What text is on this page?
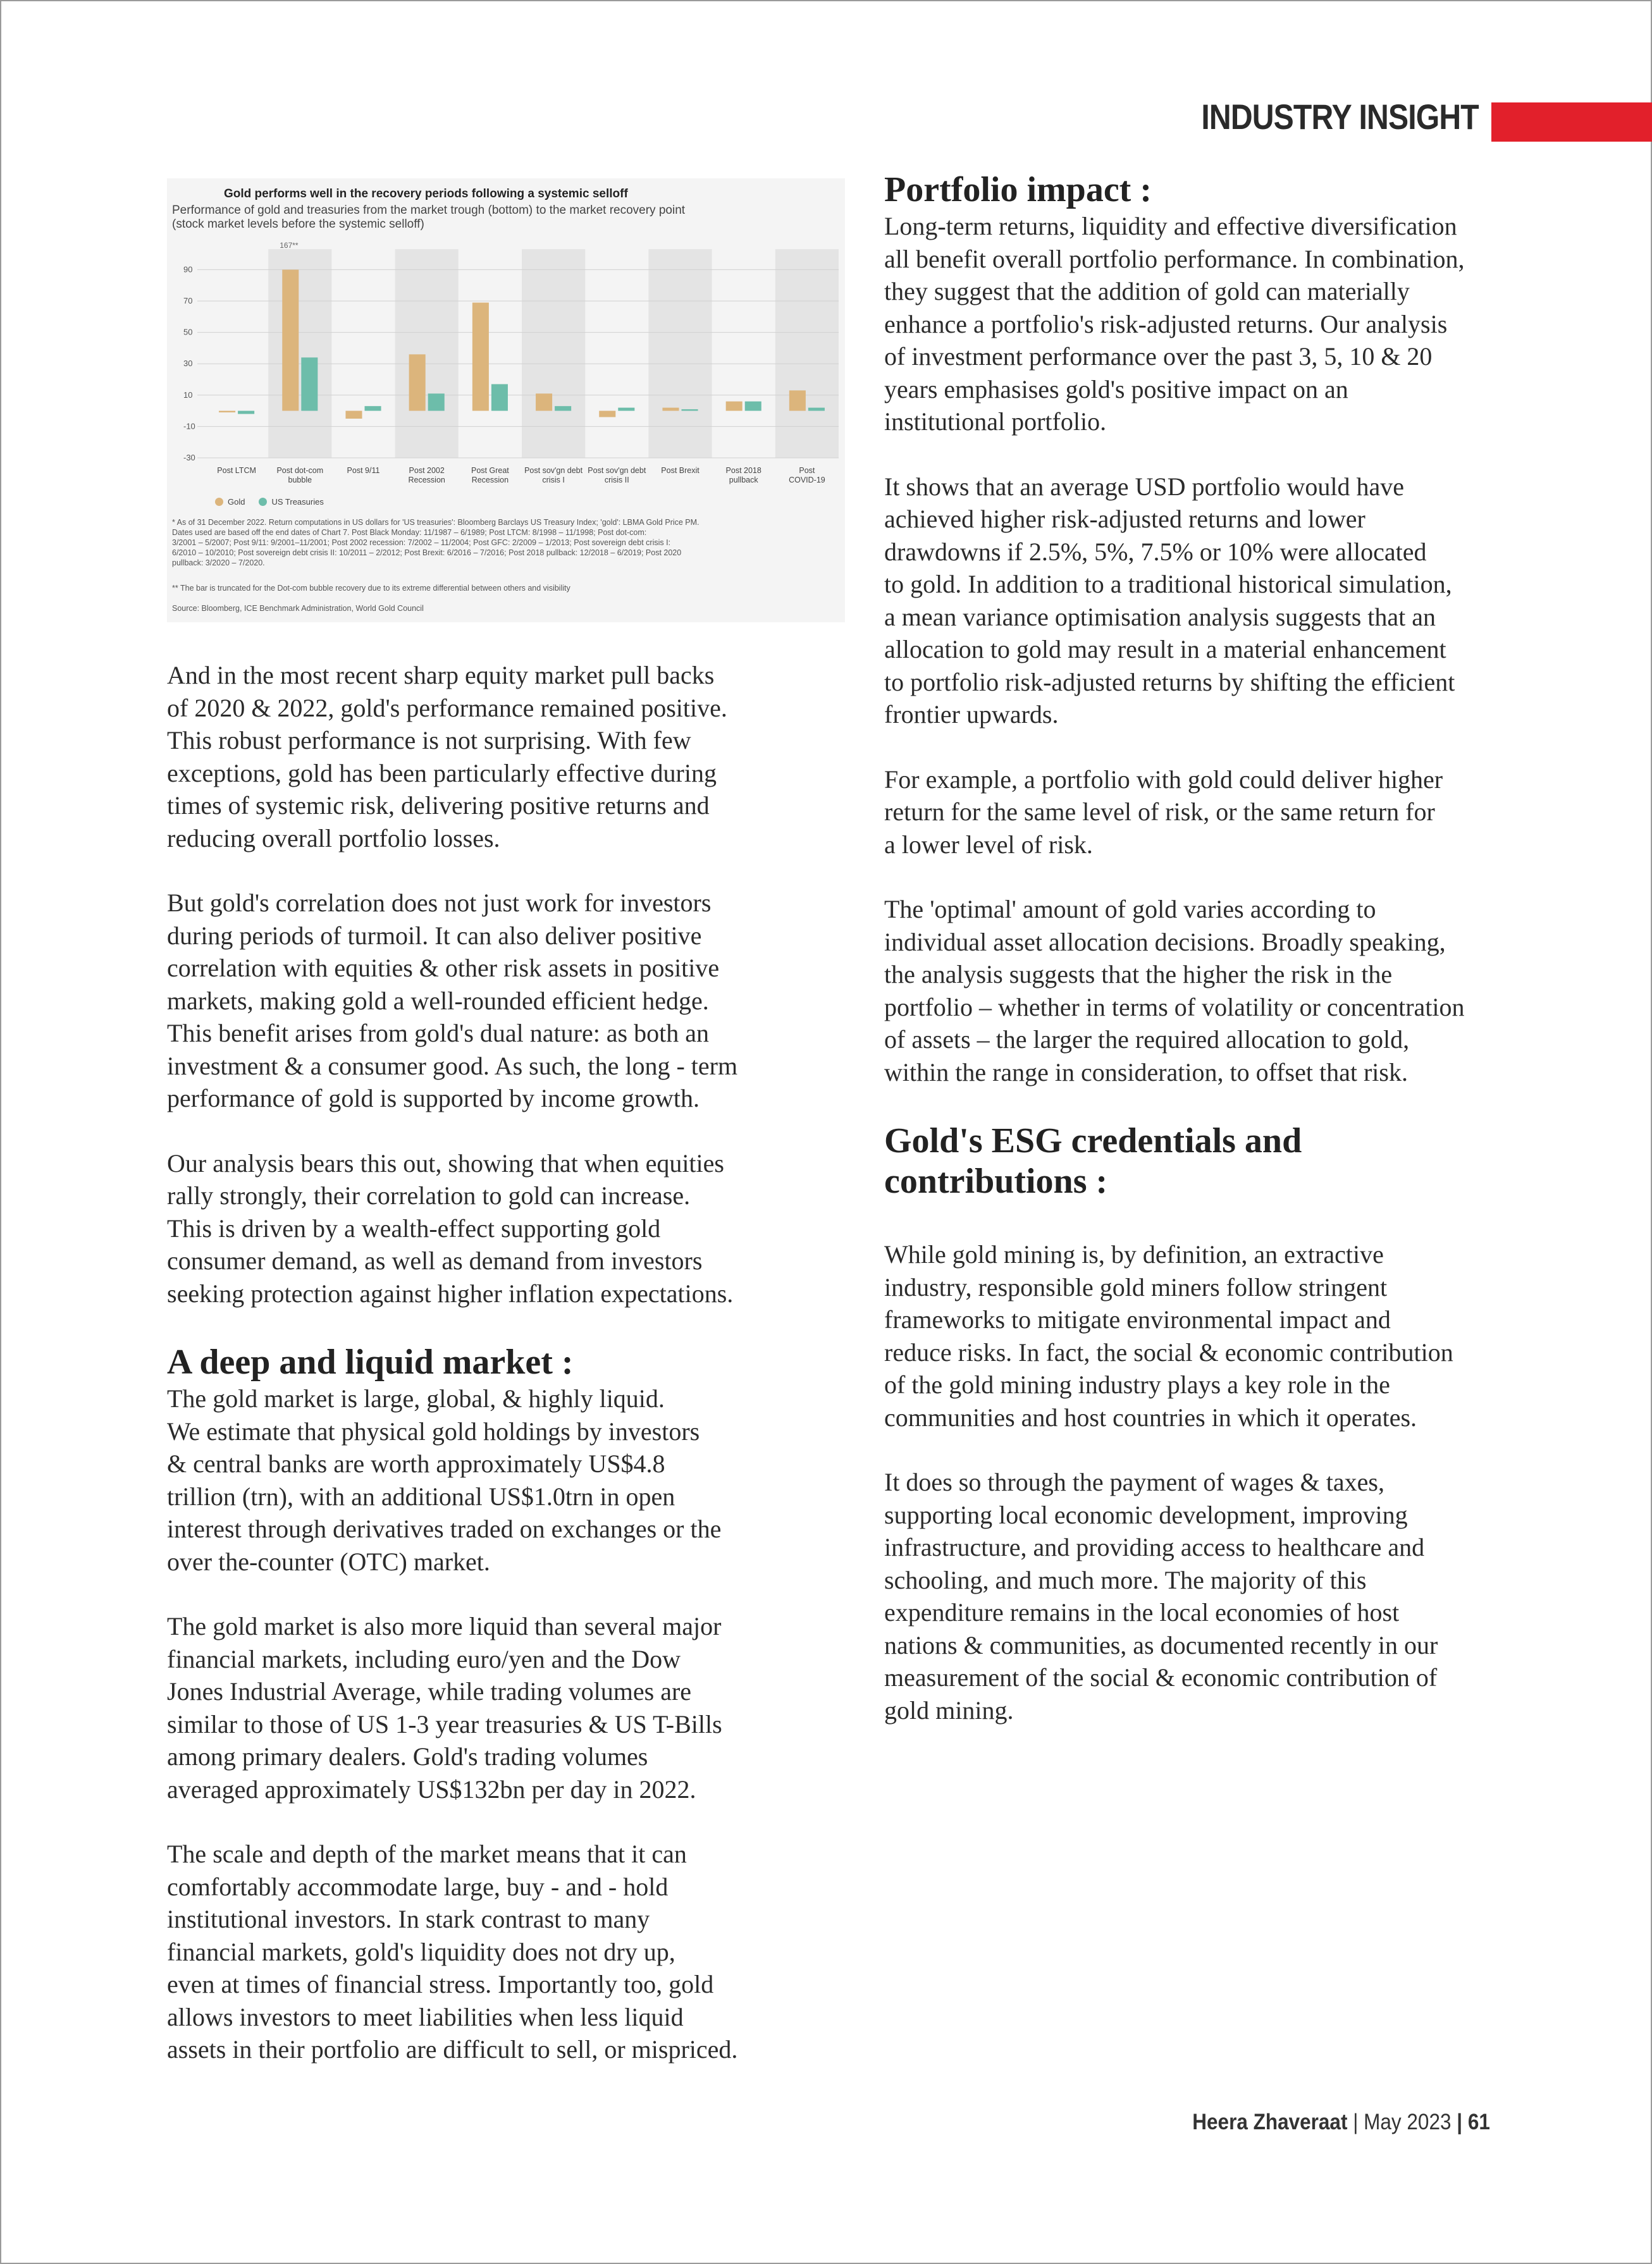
INDUSTRY INSIGHT
Gold performs well in the recovery periods following a systemic selloff
Performance of gold and treasuries from the market trough (bottom) to the market recovery point
(stock market levels before the systemic selloff)
90
70
50
30
10
-10
-30
167**
Post LTCM	Post dot-com bubble
Post 9/11	Post 2002 Recession
Post Great Recession
Post sov'gn debt crisis I
Post sov'gn debt crisis II
Post Brexit	Post 2018 pullback
Post COVID-19
Gold	US Treasuries
* As of 31 December 2022. Return computations in US dollars for 'US treasuries': Bloomberg Barclays US Treasury Index; 'gold': LBMA Gold Price PM.
Dates used are based off the end dates of Chart 7. Post Black Monday: 11/1987 – 6/1989; Post LTCM: 8/1998 – 11/1998; Post dot-com:
3/2001 – 5/2007; Post 9/11: 9/2001–11/2001; Post 2002 recession: 7/2002 – 11/2004; Post GFC: 2/2009 – 1/2013; Post sovereign debt crisis I:
6/2010 – 10/2010; Post sovereign debt crisis II: 10/2011 – 2/2012; Post Brexit: 6/2016 – 7/2016; Post 2018 pullback: 12/2018 – 6/2019; Post 2020
pullback: 3/2020 – 7/2020.
** The bar is truncated for the Dot-com bubble recovery due to its extreme differential between others and visibility
Source: Bloomberg, ICE Benchmark Administration, World Gold Council

And in the most recent sharp equity market pull backs
of 2020 & 2022, gold's performance remained positive.
This robust performance is not surprising. With few
exceptions, gold has been particularly effective during
times of systemic risk, delivering positive returns and
reducing overall portfolio losses.

But gold's correlation does not just work for investors
during periods of turmoil. It can also deliver positive
correlation with equities & other risk assets in positive
markets, making gold a well-rounded efficient hedge.
This benefit arises from gold's dual nature: as both an
investment & a consumer good. As such, the long - term
performance of gold is supported by income growth.

Our analysis bears this out, showing that when equities
rally strongly, their correlation to gold can increase.
This is driven by a wealth-effect supporting gold
consumer demand, as well as demand from investors
seeking protection against higher inflation expectations.

A deep and liquid market :

The gold market is large, global, & highly liquid.
We estimate that physical gold holdings by investors
& central banks are worth approximately US$4.8
trillion (trn), with an additional US$1.0trn in open
interest through derivatives traded on exchanges or the
over the-counter (OTC) market.

The gold market is also more liquid than several major
financial markets, including euro/yen and the Dow
Jones Industrial Average, while trading volumes are
similar to those of US 1-3 year treasuries & US T-Bills
among primary dealers. Gold's trading volumes
averaged approximately US$132bn per day in 2022.

The scale and depth of the market means that it can
comfortably accommodate large, buy - and - hold
institutional investors. In stark contrast to many
financial markets, gold's liquidity does not dry up,
even at times of financial stress. Importantly too, gold
allows investors to meet liabilities when less liquid
assets in their portfolio are difficult to sell, or mispriced.

Portfolio impact :

Long-term returns, liquidity and effective diversification
all benefit overall portfolio performance. In combination,
they suggest that the addition of gold can materially
enhance a portfolio's risk-adjusted returns. Our analysis
of investment performance over the past 3, 5, 10 & 20
years emphasises gold's positive impact on an
institutional portfolio.

It shows that an average USD portfolio would have
achieved higher risk-adjusted returns and lower
drawdowns if 2.5%, 5%, 7.5% or 10% were allocated
to gold. In addition to a traditional historical simulation,
a mean variance optimisation analysis suggests that an
allocation to gold may result in a material enhancement
to portfolio risk-adjusted returns by shifting the efficient
frontier upwards.

For example, a portfolio with gold could deliver higher
return for the same level of risk, or the same return for
a lower level of risk.

The 'optimal' amount of gold varies according to
individual asset allocation decisions. Broadly speaking,
the analysis suggests that the higher the risk in the
portfolio – whether in terms of volatility or concentration
of assets – the larger the required allocation to gold,
within the range in consideration, to offset that risk.

Gold's ESG credentials and
contributions :

While gold mining is, by definition, an extractive
industry, responsible gold miners follow stringent
frameworks to mitigate environmental impact and
reduce risks. In fact, the social & economic contribution
of the gold mining industry plays a key role in the
communities and host countries in which it operates.

It does so through the payment of wages & taxes,
supporting local economic development, improving
infrastructure, and providing access to healthcare and
schooling, and much more. The majority of this
expenditure remains in the local economies of host
nations & communities, as documented recently in our
measurement of the social & economic contribution of
gold mining.

Heera Zhaveraat | May 2023 | 61
